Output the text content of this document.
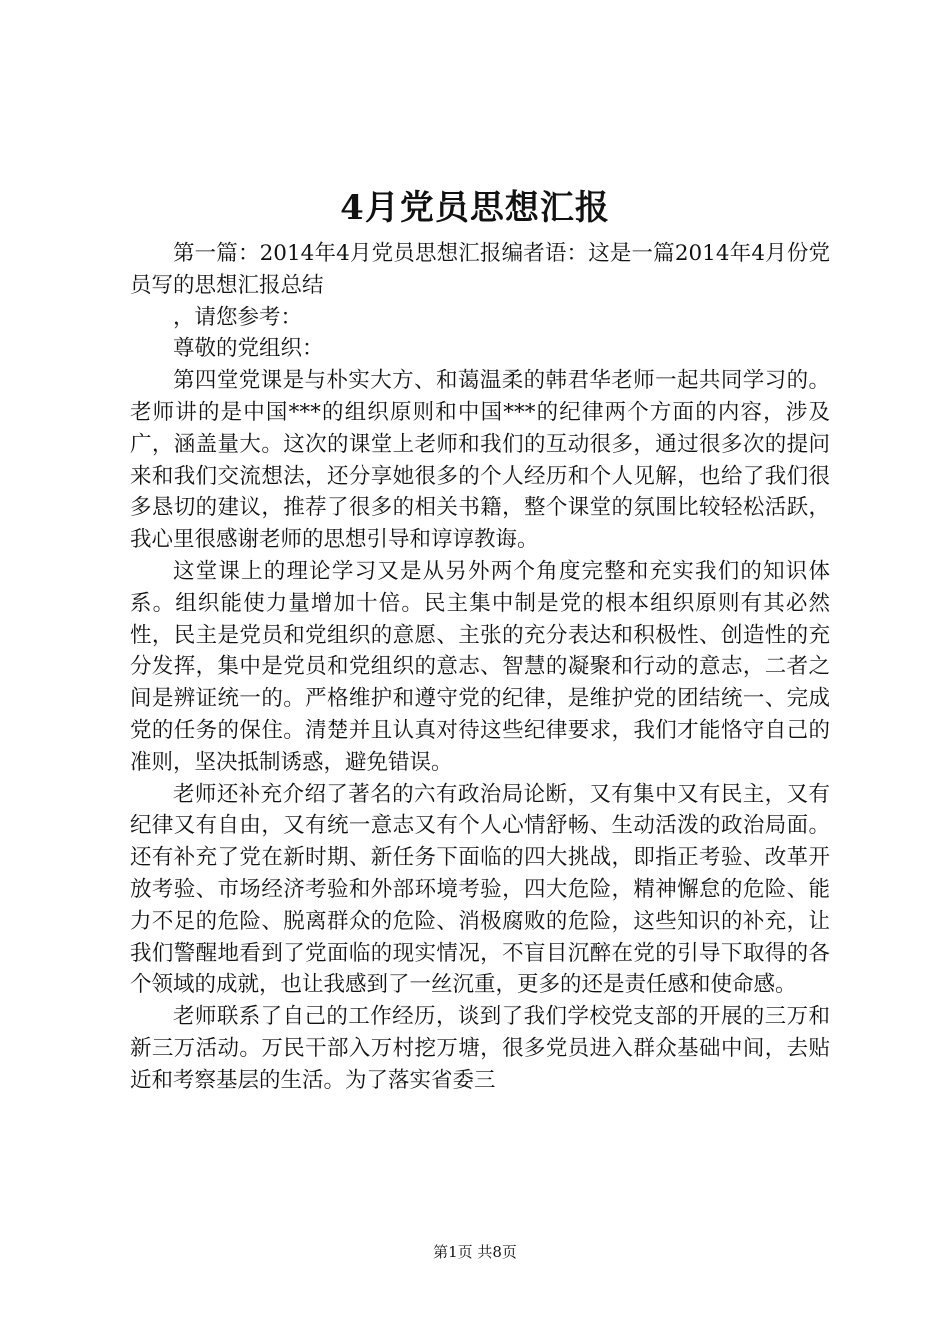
4月党员思想汇报

第一篇：2014年4月党员思想汇报编者语：这是一篇2014年4月份党员写的思想汇报总结

，请您参考：

尊敬的党组织：

第四堂党课是与朴实大方、和蔼温柔的韩君华老师一起共同学习的。老师讲的是中国***的组织原则和中国***的纪律两个方面的内容，涉及广，涵盖量大。这次的课堂上老师和我们的互动很多，通过很多次的提问来和我们交流想法，还分享她很多的个人经历和个人见解，也给了我们很多恳切的建议，推荐了很多的相关书籍，整个课堂的氛围比较轻松活跃，我心里很感谢老师的思想引导和谆谆教诲。

这堂课上的理论学习又是从另外两个角度完整和充实我们的知识体系。组织能使力量增加十倍。民主集中制是党的根本组织原则有其必然性，民主是党员和党组织的意愿、主张的充分表达和积极性、创造性的充分发挥，集中是党员和党组织的意志、智慧的凝聚和行动的意志，二者之间是辨证统一的。严格维护和遵守党的纪律，是维护党的团结统一、完成党的任务的保住。清楚并且认真对待这些纪律要求，我们才能恪守自己的准则，坚决抵制诱惑，避免错误。

老师还补充介绍了著名的六有政治局论断，又有集中又有民主，又有纪律又有自由，又有统一意志又有个人心情舒畅、生动活泼的政治局面。还有补充了党在新时期、新任务下面临的四大挑战，即指正考验、改革开放考验、市场经济考验和外部环境考验，四大危险，精神懈怠的危险、能力不足的危险、脱离群众的危险、消极腐败的危险，这些知识的补充，让我们警醒地看到了党面临的现实情况，不盲目沉醉在党的引导下取得的各个领域的成就，也让我感到了一丝沉重，更多的还是责任感和使命感。

老师联系了自己的工作经历，谈到了我们学校党支部的开展的三万和新三万活动。万民干部入万村挖万塘，很多党员进入群众基础中间，去贴近和考察基层的生活。为了落实省委三

第1页 共8页
